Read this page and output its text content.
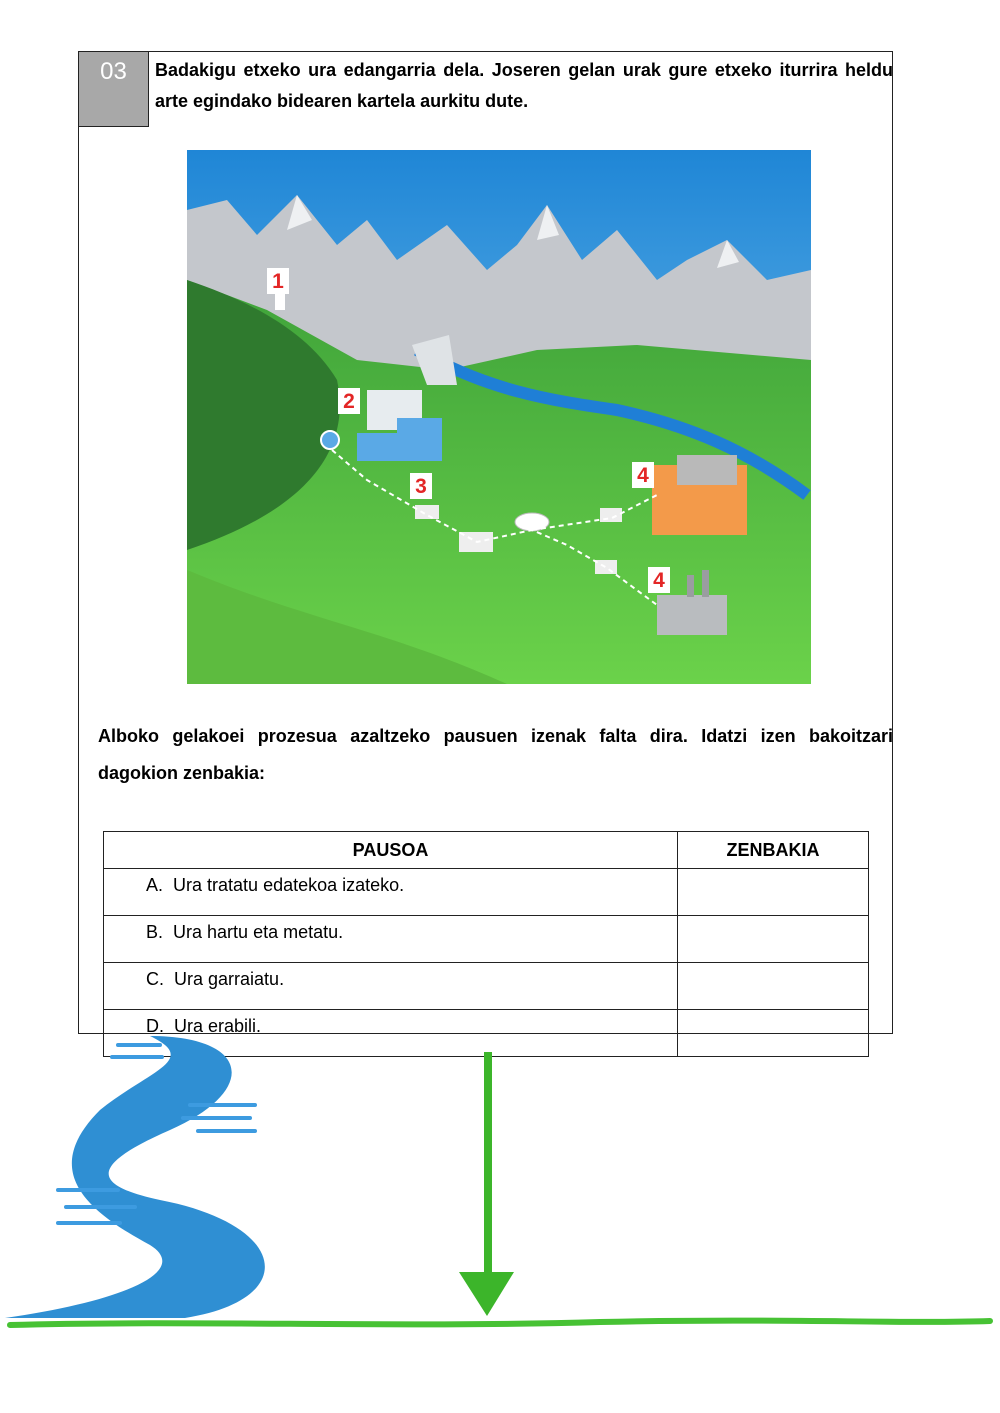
03	Badakigu etxeko ura edangarria dela. Joseren gelan urak gure etxeko iturrira heldu arte egindako bidearen kartela aurkitu dute.
1
2
3	4
4
Alboko gelakoei prozesua azaltzeko pausuen izenak falta dira. Idatzi izen bakoitzari dagokion zenbakia:
PAUSOA	ZENBAKIA
A. Ura tratatu edatekoa izateko.	
B. Ura hartu eta metatu.	
C. Ura garraiatu.	
D. Ura erabili.	
